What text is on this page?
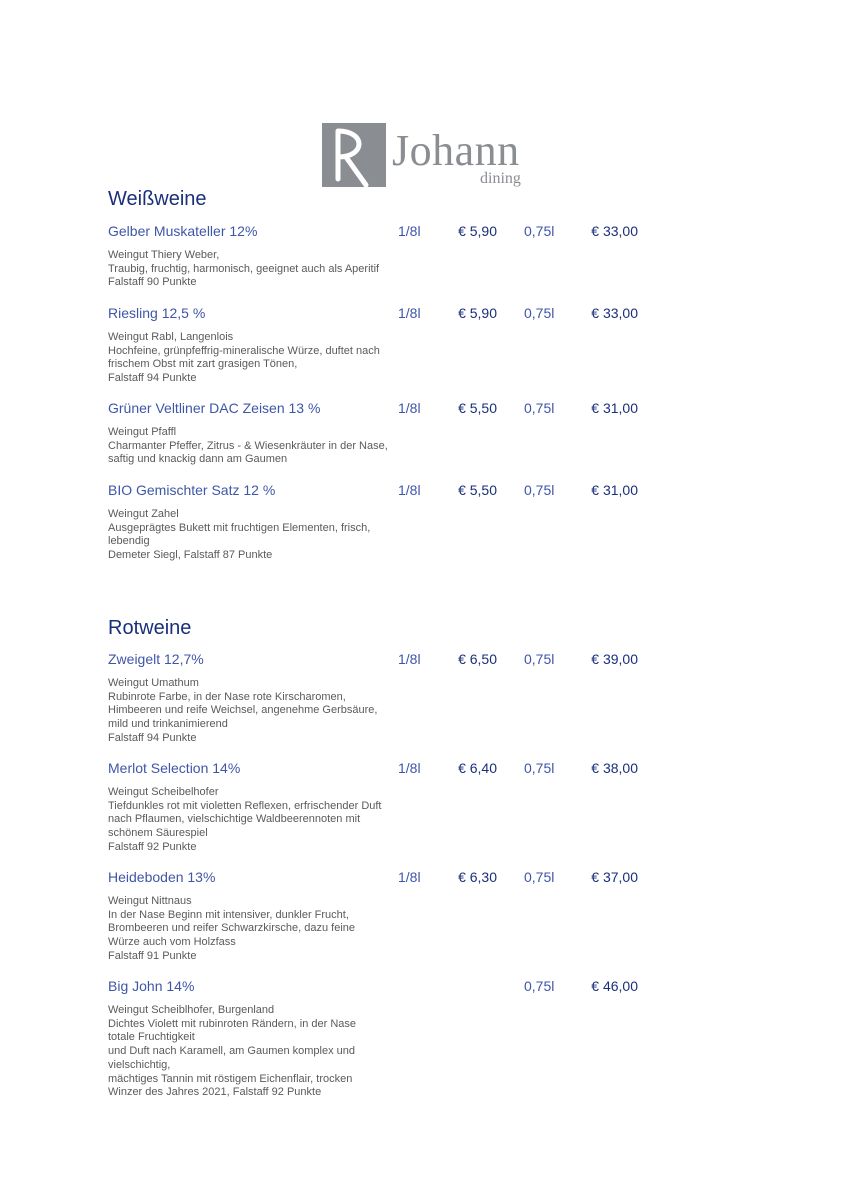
Johann
dining
Weißweine
Gelber Muskateller 12%	1/8l	€ 5,90 0,75l	€ 33,00
Weingut Thiery Weber,
Traubig, fruchtig, harmonisch, geeignet auch als Aperitif
Falstaff 90 Punkte
Riesling 12,5 %	1/8l	€ 5,90 0,75l	€ 33,00
Weingut Rabl, Langenlois
Hochfeine, grünpfeffrig-mineralische Würze, duftet nach
frischem Obst mit zart grasigen Tönen,
Falstaff 94 Punkte
Grüner Veltliner DAC Zeisen 13 %	1/8l	€ 5,50 0,75l	€ 31,00
Weingut Pfaffl
Charmanter Pfeffer, Zitrus - & Wiesenkräuter in der Nase,
saftig und knackig dann am Gaumen
BIO Gemischter Satz 12 %	1/8l	€ 5,50 0,75l	€ 31,00
Weingut Zahel
Ausgeprägtes Bukett mit fruchtigen Elementen, frisch,
lebendig
Demeter Siegl, Falstaff 87 Punkte
Rotweine
Zweigelt 12,7%	1/8l	€ 6,50 0,75l	€ 39,00
Weingut Umathum
Rubinrote Farbe, in der Nase rote Kirscharomen,
Himbeeren und reife Weichsel, angenehme Gerbsäure,
mild und trinkanimierend
Falstaff 94 Punkte
Merlot Selection 14%	1/8l	€ 6,40 0,75l	€ 38,00
Weingut Scheibelhofer
Tiefdunkles rot mit violetten Reflexen, erfrischender Duft
nach Pflaumen, vielschichtige Waldbeerennoten mit
schönem Säurespiel
Falstaff 92 Punkte
Heideboden 13%	1/8l	€ 6,30 0,75l	€ 37,00
Weingut Nittnaus
In der Nase Beginn mit intensiver, dunkler Frucht,
Brombeeren und reifer Schwarzkirsche, dazu feine
Würze auch vom Holzfass
Falstaff 91 Punkte
Big John 14%	0,75l	€ 46,00
Weingut Scheiblhofer, Burgenland
Dichtes Violett mit rubinroten Rändern, in der Nase
totale Fruchtigkeit
und Duft nach Karamell, am Gaumen komplex und
vielschichtig,
mächtiges Tannin mit röstigem Eichenflair, trocken
Winzer des Jahres 2021, Falstaff 92 Punkte
